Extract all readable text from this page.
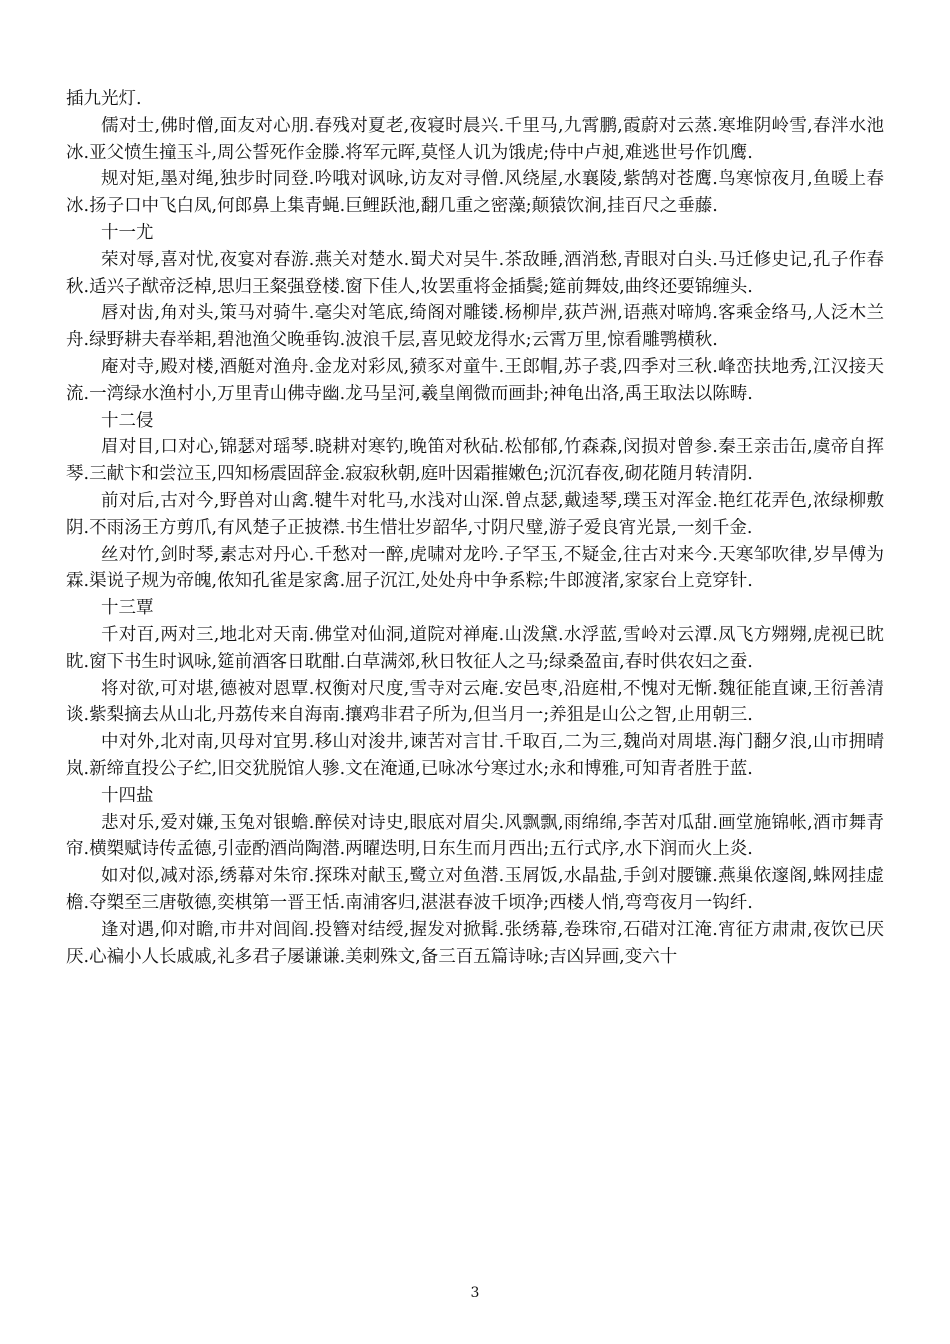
插九光灯.

儒对士,佛时僧,面友对心朋.春残对夏老,夜寝时晨兴.千里马,九霄鹏,霞蔚对云蒸.寒堆阴岭雪,春泮水池冰.亚父愤生撞玉斗,周公誓死作金滕.将军元晖,莫怪人讥为饿虎;侍中卢昶,难逃世号作饥鹰.

规对矩,墨对绳,独步时同登.吟哦对讽咏,访友对寻僧.风绕屋,水襄陵,紫鹄对苍鹰.鸟寒惊夜月,鱼暖上春冰.扬子口中飞白凤,何郎鼻上集青蝇.巨鲤跃池,翻几重之密藻;颠猿饮涧,挂百尺之垂藤.

十一尤

荣对辱,喜对忧,夜宴对春游.燕关对楚水.蜀犬对吴牛.茶敌睡,酒消愁,青眼对白头.马迁修史记,孔子作春秋.适兴子猷帝泛棹,思归王粲强登楼.窗下佳人,妆罢重将金插鬓;筵前舞妓,曲终还要锦缠头.

唇对齿,角对头,策马对骑牛.毫尖对笔底,绮阁对雕镂.杨柳岸,荻芦洲,语燕对啼鸠.客乘金络马,人泛木兰舟.绿野耕夫春举耜,碧池渔父晚垂钩.波浪千层,喜见蛟龙得水;云霄万里,惊看雕鹗横秋.

庵对寺,殿对楼,酒艇对渔舟.金龙对彩凤,豮豕对童牛.王郎帽,苏子裘,四季对三秋.峰峦扶地秀,江汉接天流.一湾绿水渔村小,万里青山佛寺幽.龙马呈河,羲皇阐微而画卦;神龟出洛,禹王取法以陈畴.

十二侵

眉对目,口对心,锦瑟对瑶琴.晓耕对寒钓,晚笛对秋砧.松郁郁,竹森森,闵损对曾参.秦王亲击缶,虞帝自挥琴.三献卞和尝泣玉,四知杨震固辞金.寂寂秋朝,庭叶因霜摧嫩色;沉沉春夜,砌花随月转清阴.

前对后,古对今,野兽对山禽.犍牛对牝马,水浅对山深.曾点瑟,戴逵琴,璞玉对浑金.艳红花弄色,浓绿柳敷阴.不雨汤王方剪爪,有风楚子正披襟.书生惜壮岁韶华,寸阴尺璧,游子爱良宵光景,一刻千金.

丝对竹,剑时琴,素志对丹心.千愁对一醉,虎啸对龙吟.子罕玉,不疑金,往古对来今.天寒邹吹律,岁旱傅为霖.渠说子规为帝魄,侬知孔雀是家禽.屈子沉江,处处舟中争系粽;牛郎渡渚,家家台上竞穿针.

十三覃

千对百,两对三,地北对天南.佛堂对仙洞,道院对禅庵.山泼黛.水浮蓝,雪岭对云潭.凤飞方翙翙,虎视已眈眈.窗下书生时讽咏,筵前酒客日耽酣.白草满郊,秋日牧征人之马;绿桑盈亩,春时供农妇之蚕.

将对欲,可对堪,德被对恩覃.权衡对尺度,雪寺对云庵.安邑枣,沿庭柑,不愧对无惭.魏征能直谏,王衍善清谈.紫梨摘去从山北,丹荔传来自海南.攘鸡非君子所为,但当月一;养狙是山公之智,止用朝三.

中对外,北对南,贝母对宜男.移山对浚井,谏苦对言甘.千取百,二为三,魏尚对周堪.海门翻夕浪,山市拥晴岚.新缔直投公子纻,旧交犹脱馆人骖.文在淹通,已咏冰兮寒过水;永和博雅,可知青者胜于蓝.

十四盐

悲对乐,爱对嫌,玉兔对银蟾.醉侯对诗史,眼底对眉尖.风飘飘,雨绵绵,李苦对瓜甜.画堂施锦帐,酒市舞青帘.横槊赋诗传孟德,引壶酌酒尚陶潜.两曜迭明,日东生而月西出;五行式序,水下润而火上炎.

如对似,减对添,绣幕对朱帘.探珠对献玉,鹭立对鱼潜.玉屑饭,水晶盐,手剑对腰镰.燕巢依邃阁,蛛网挂虚檐.夺槊至三唐敬德,奕棋第一晋王恬.南浦客归,湛湛春波千顷净;西楼人悄,弯弯夜月一钩纤.

逢对遇,仰对瞻,市井对闾阎.投簪对结绶,握发对掀髯.张绣幕,卷珠帘,石碏对江淹.宵征方肃肃,夜饮已厌厌.心褊小人长戚戚,礼多君子屡谦谦.美刺殊文,备三百五篇诗咏;吉凶异画,变六十

3
